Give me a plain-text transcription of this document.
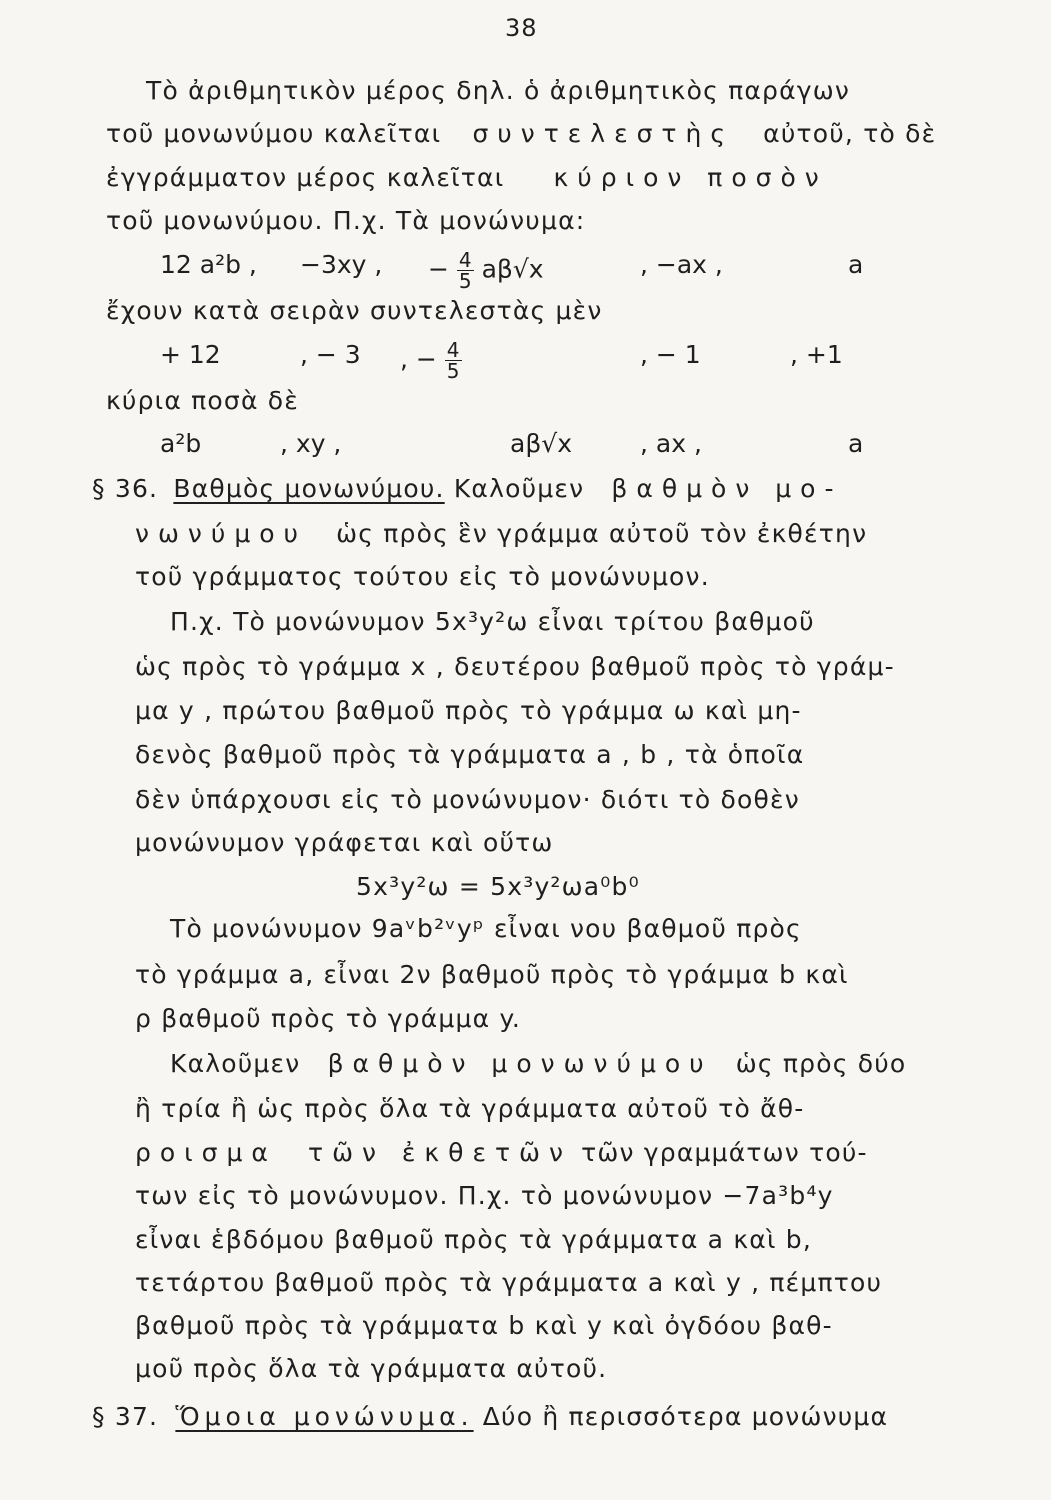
38
Τὸ ἀριθμητικὸν μέρος δηλ. ὁ ἀριθμητικὸς παράγων
τοῦ μονωνύμου καλεῖται συντελεστὴς αὐτοῦ, τὸ δὲ
ἐγγράμματον μέρος καλεῖται κύριον ποσὸν
τοῦ μονωνύμου. Π.χ. Τὰ μονώνυμα:
12 a²b , −3xy , − $\frac{4}{5} a\beta√x$	, −ax ,	a
ἔχουν κατὰ σειρὰν συντελεστὰς μὲν
+ 12	, − 3 , − $\frac{4}{5}$	, − 1	, +1
κύρια ποσὰ δὲ
a²b	, xy ,	aβ√x	, ax ,	a
§ 36. Βαθμὸς μονωνύμου. Καλοῦμεν βαθμὸν μο-
νωνύμου ὡς πρὸς ἓν γράμμα αὐτοῦ τὸν ἐκθέτην
τοῦ γράμματος τούτου εἰς τὸ μονώνυμον.
Π.χ. Τὸ μονώνυμον 5x³y²ω εἶναι τρίτου βαθμοῦ
ὡς πρὸς τὸ γράμμα x , δευτέρου βαθμοῦ πρὸς τὸ γράμ-
μα y , πρώτου βαθμοῦ πρὸς τὸ γράμμα ω καὶ μη-
δενὸς βαθμοῦ πρὸς τὰ γράμματα a , b , τὰ ὁποῖα
δὲν ὑπάρχουσι εἰς τὸ μονώνυμον· διότι τὸ δοθὲν
μονώνυμον γράφεται καὶ οὕτω
5x³y²ω = 5x³y²ωa⁰b⁰
Τὸ μονώνυμον 9aᵛb²ᵛyᵖ εἶναι νου βαθμοῦ πρὸς
τὸ γράμμα a, εἶναι 2ν βαθμοῦ πρὸς τὸ γράμμα b καὶ
ρ βαθμοῦ πρὸς τὸ γράμμα y.
Καλοῦμεν βαθμὸν μονωνύμου ὡς πρὸς δύο
ἢ τρία ἢ ὡς πρὸς ὅλα τὰ γράμματα αὐτοῦ τὸ ἄθ-
ροισμα τῶν ἐκθετῶν τῶν γραμμάτων τού-
των εἰς τὸ μονώνυμον. Π.χ. τὸ μονώνυμον −7a³b⁴y
εἶναι ἑβδόμου βαθμοῦ πρὸς τὰ γράμματα a καὶ b,
τετάρτου βαθμοῦ πρὸς τὰ γράμματα a καὶ y , πέμπτου
βαθμοῦ πρὸς τὰ γράμματα b καὶ y καὶ ὀγδόου βαθ-
μοῦ πρὸς ὅλα τὰ γράμματα αὐτοῦ.
§ 37. Ὅμοια μονώνυμα. Δύο ἢ περισσότερα μονώνυμα
